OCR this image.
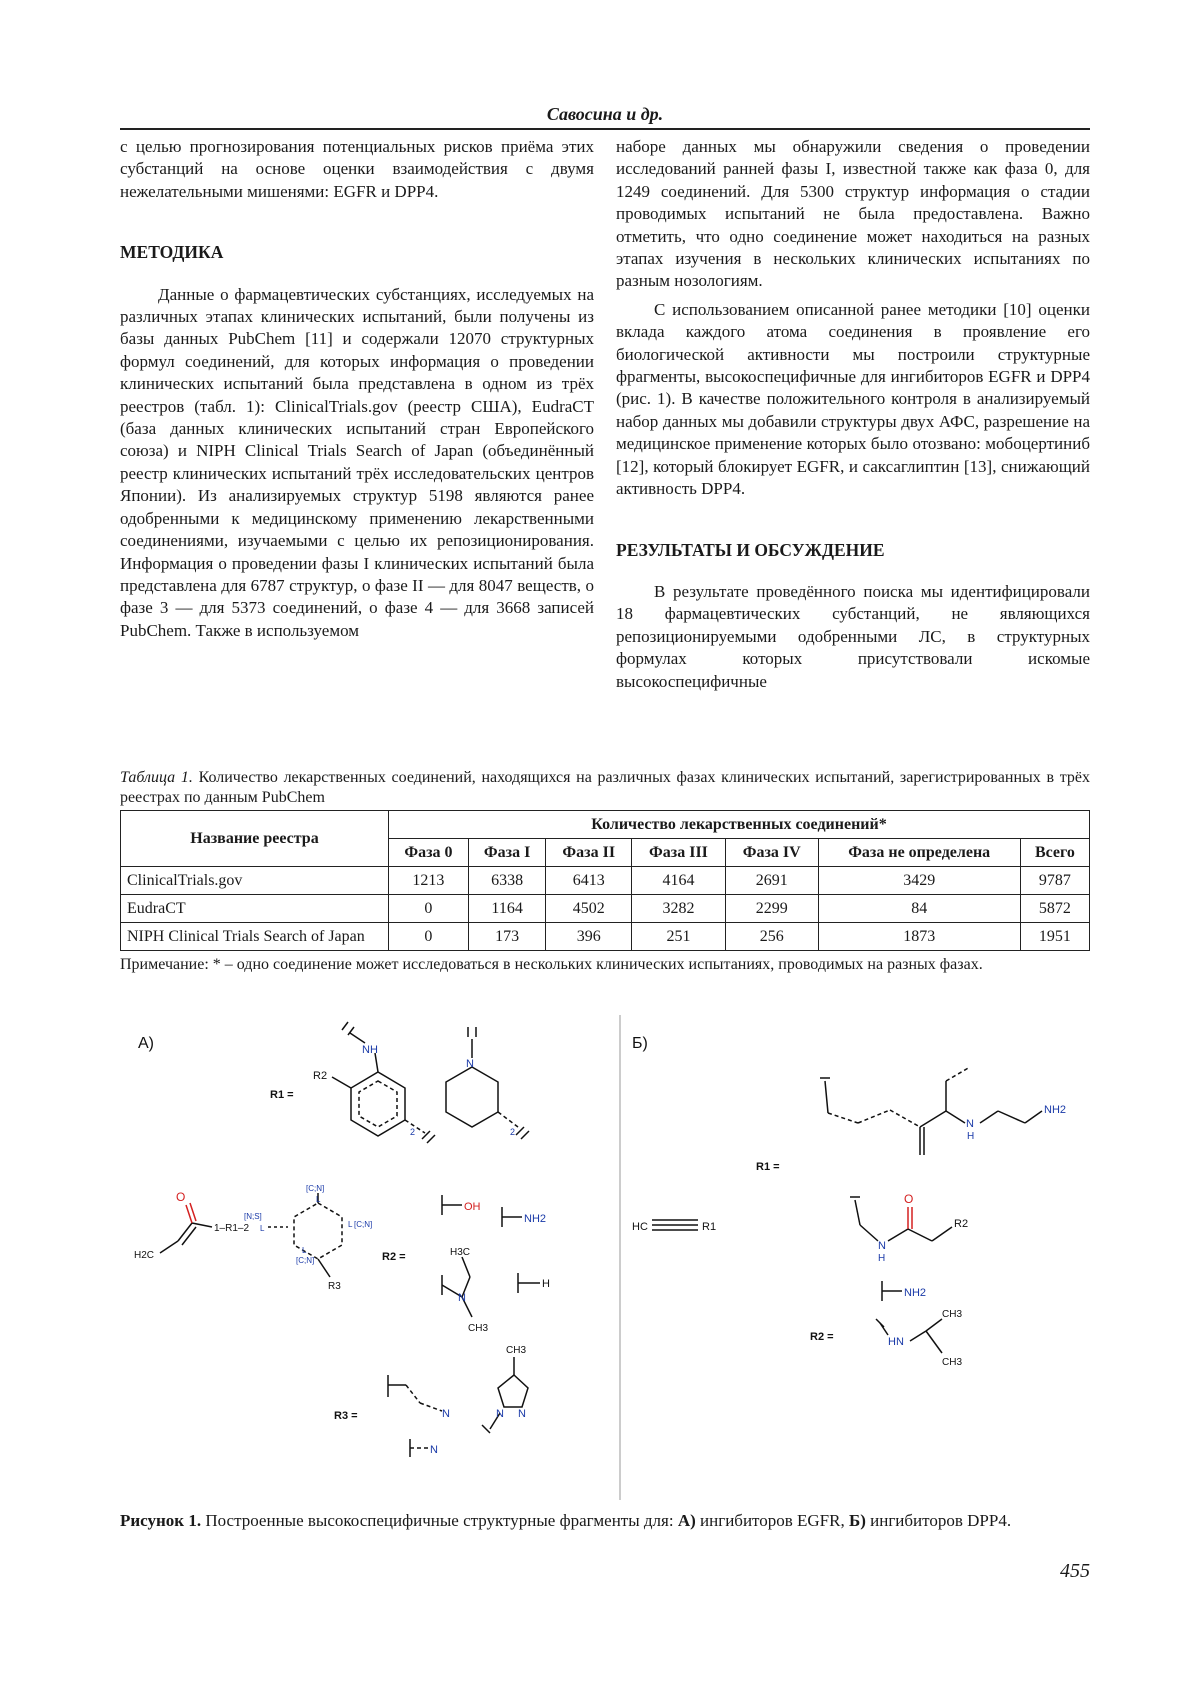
Савосина и др.

с целью прогнозирования потенциальных рисков приёма этих субстанций на основе оценки взаимодействия с двумя нежелательными мишенями: EGFR и DPP4.

МЕТОДИКА

Данные о фармацевтических субстанциях, исследуемых на различных этапах клинических испытаний, были получены из базы данных PubChem [11] и содержали 12070 структурных формул соединений, для которых информация о проведении клинических испытаний была представлена в одном из трёх реестров (табл. 1): ClinicalTrials.gov (реестр США), EudraCT (база данных клинических испытаний стран Европейского союза) и NIPH Clinical Trials Search of Japan (объединённый реестр клинических испытаний трёх исследовательских центров Японии). Из анализируемых структур 5198 являются ранее одобренными к медицинскому применению лекарственными соединениями, изучаемыми с целью их репозиционирования. Информация о проведении фазы I клинических испытаний была представлена для 6787 структур, о фазе II — для 8047 веществ, о фазе 3 — для 5373 соединений, о фазе 4 — для 3668 записей PubChem. Также в используемом

наборе данных мы обнаружили сведения о проведении исследований ранней фазы I, известной также как фаза 0, для 1249 соединений. Для 5300 структур информация о стадии проводимых испытаний не была предоставлена. Важно отметить, что одно соединение может находиться на разных этапах изучения в нескольких клинических испытаниях по разным нозологиям.

С использованием описанной ранее методики [10] оценки вклада каждого атома соединения в проявление его биологической активности мы построили структурные фрагменты, высокоспецифичные для ингибиторов EGFR и DPP4 (рис. 1). В качестве положительного контроля в анализируемый набор данных мы добавили структуры двух АФС, разрешение на медицинское применение которых было отозвано: мобоцертиниб [12], который блокирует EGFR, и саксаглиптин [13], снижающий активность DPP4.

РЕЗУЛЬТАТЫ И ОБСУЖДЕНИЕ

В результате проведённого поиска мы идентифицировали 18 фармацевтических субстанций, не являющихся репозиционируемыми одобренными ЛС, в структурных формулах которых присутствовали искомые высокоспецифичные

Таблица 1. Количество лекарственных соединений, находящихся на различных фазах клинических испытаний, зарегистрированных в трёх реестрах по данным PubChem
Название реестра	Количество лекарственных соединений*						
	Фаза 0	Фаза I	Фаза II	Фаза III	Фаза IV	Фаза не определена	Всего
ClinicalTrials.gov	1213	6338	6413	4164	2691	3429	9787
EudraCT	0	1164	4502	3282	2299	84	5872
NIPH Clinical Trials Search of Japan	0	173	396	251	256	1873	1951
Примечание: * – одно соединение может исследоваться в нескольких клинических испытаниях, проводимых на разных фазах.
А)	Б)
R1 =
R2
NH
N
2	2
O
H2C
1–R1–2
[N;S]
L
[C;N]
L
L [C;N]
[C;N]
L
R3
R2 =
OH
NH2
H3C
N
CH3
H
R3 =	N
N
CH3
N N
HC	R1
R1 =
N
H
NH2
O
N
H
R2
NH2
R2 =	HN
CH3
CH3
Рисунок 1. Построенные высокоспецифичные структурные фрагменты для: А) ингибиторов EGFR, Б) ингибиторов DPP4.
455
